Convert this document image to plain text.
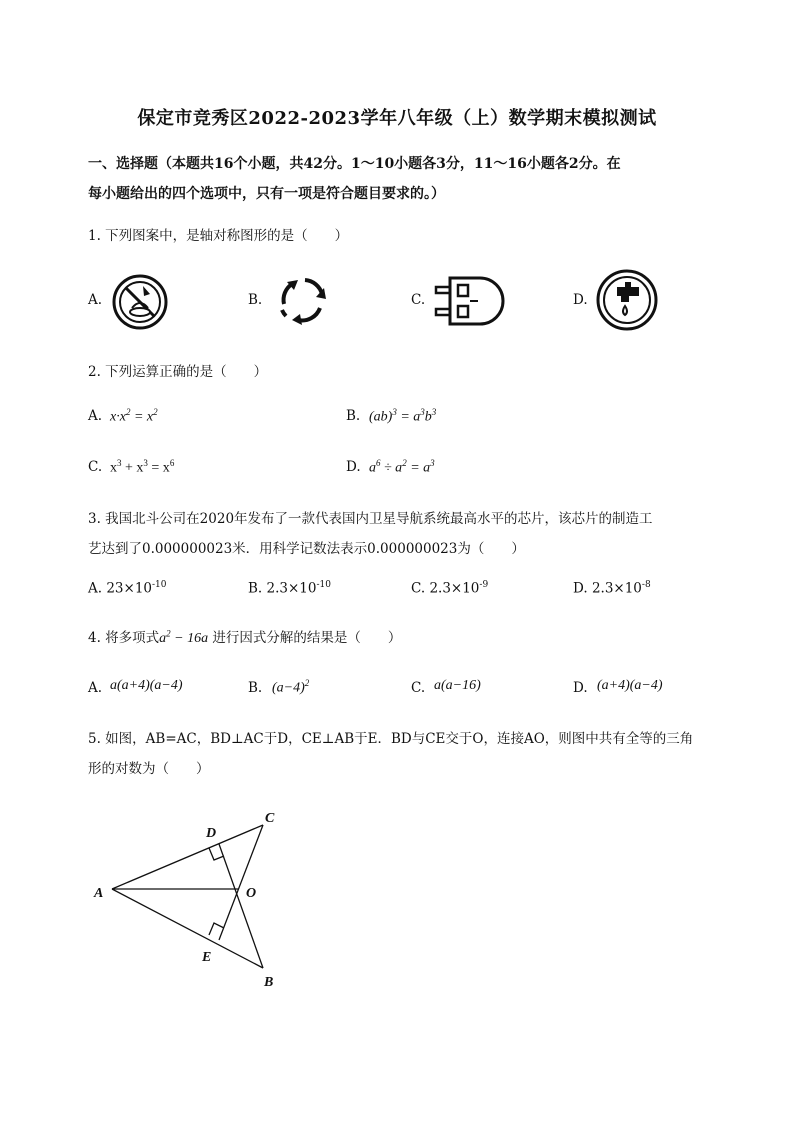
保定市竞秀区2022-2023学年八年级（上）数学期末模拟测试
一、选择题（本题共16个小题，共42分。1～10小题各3分，11～16小题各2分。在
每小题给出的四个选项中，只有一项是符合题目要求的。）
1. 下列图案中，是轴对称图形的是（　　）
A.	B.	C.	D.
2. 下列运算正确的是（　　）
A. $x\cdot x^2 = x^2$	B. $(ab)^3 = a^3b^3$
C. $x^3 + x^3 = x^6$	D. $a^6 \div a^2 = a^3$
3. 我国北斗公司在2020年发布了一款代表国内卫星导航系统最高水平的芯片，该芯片的制造工
艺达到了0.000000023米．用科学记数法表示0.000000023为（　　）
A. $23\times 10^{-10}$	B. $2.3\times 10^{-10}$	C. $2.3\times 10^{-9}$	D. $2.3\times 10^{-8}$
4. 将多项式$a^2 - 16a$ 进行因式分解的结果是（　　）
A. a(a+4)(a−4)	B. $(a-4)^2$	C. a(a−16)	D. (a+4)(a−4)
5. 如图，AB=AC，BD⊥AC于D，CE⊥AB于E．BD与CE交于O，连接AO，则图中共有全等的三角
形的对数为（　　）
A
B
C
D
E
O
